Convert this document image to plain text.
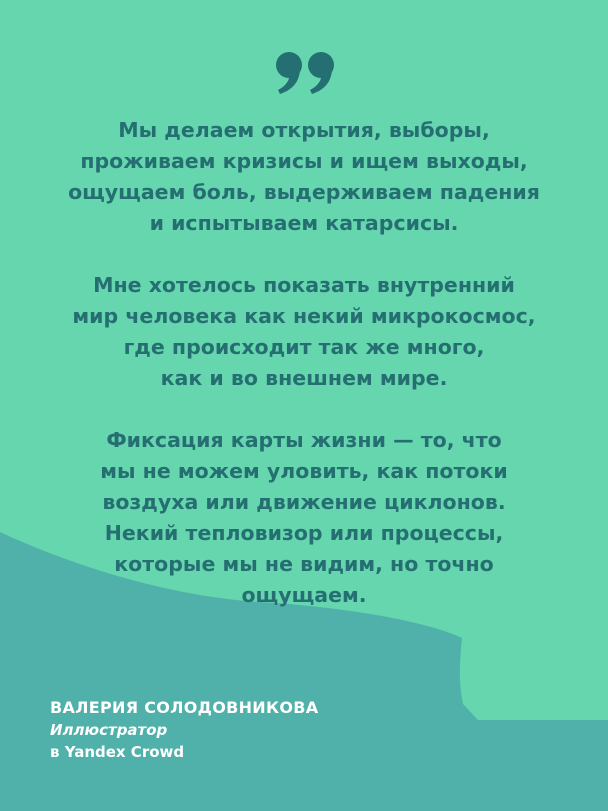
Мы делаем открытия, выборы,
проживаем кризисы и ищем выходы,
ощущаем боль, выдерживаем падения
и испытываем катарсисы.

Мне хотелось показать внутренний
мир человека как некий микрокосмос,
где происходит так же много,
как и во внешнем мире.

Фиксация карты жизни — то, что
мы не можем уловить, как потоки
воздуха или движение циклонов.
Некий тепловизор или процессы,
которые мы не видим, но точно
ощущаем.

ВАЛЕРИЯ СОЛОДОВНИКОВА
Иллюстратор
в Yandex Crowd
